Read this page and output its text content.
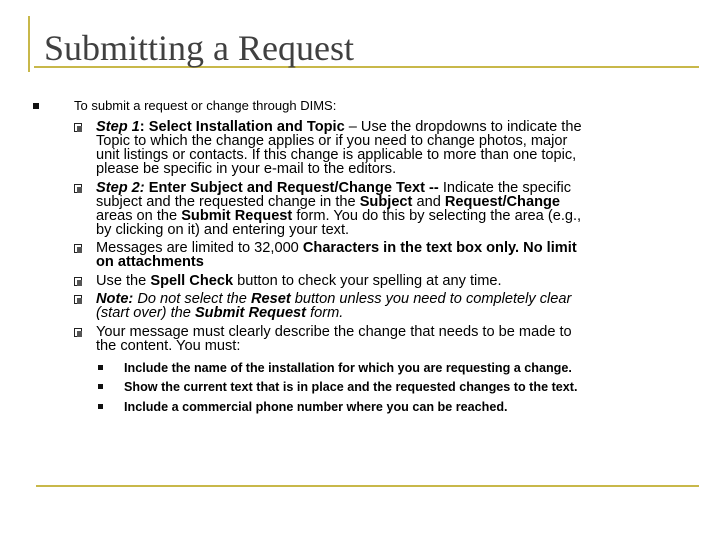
Submitting a Request
To submit a request or change through DIMS:
Step 1: Select Installation and Topic – Use the dropdowns to indicate the
Topic to which the change applies or if you need to change photos, major
unit listings or contacts. If this change is applicable to more than one topic,
please be specific in your e-mail to the editors.
Step 2: Enter Subject and Request/Change Text -- Indicate the specific
subject and the requested change in the Subject and Request/Change
areas on the Submit Request form. You do this by selecting the area (e.g.,
by clicking on it) and entering your text.
Messages are limited to 32,000 Characters in the text box only. No limit
on attachments
Use the Spell Check button to check your spelling at any time.
Note: Do not select the Reset button unless you need to completely clear
(start over) the Submit Request form.
Your message must clearly describe the change that needs to be made to
the content. You must:
Include the name of the installation for which you are requesting a change.
Show the current text that is in place and the requested changes to the text.
Include a commercial phone number where you can be reached.
